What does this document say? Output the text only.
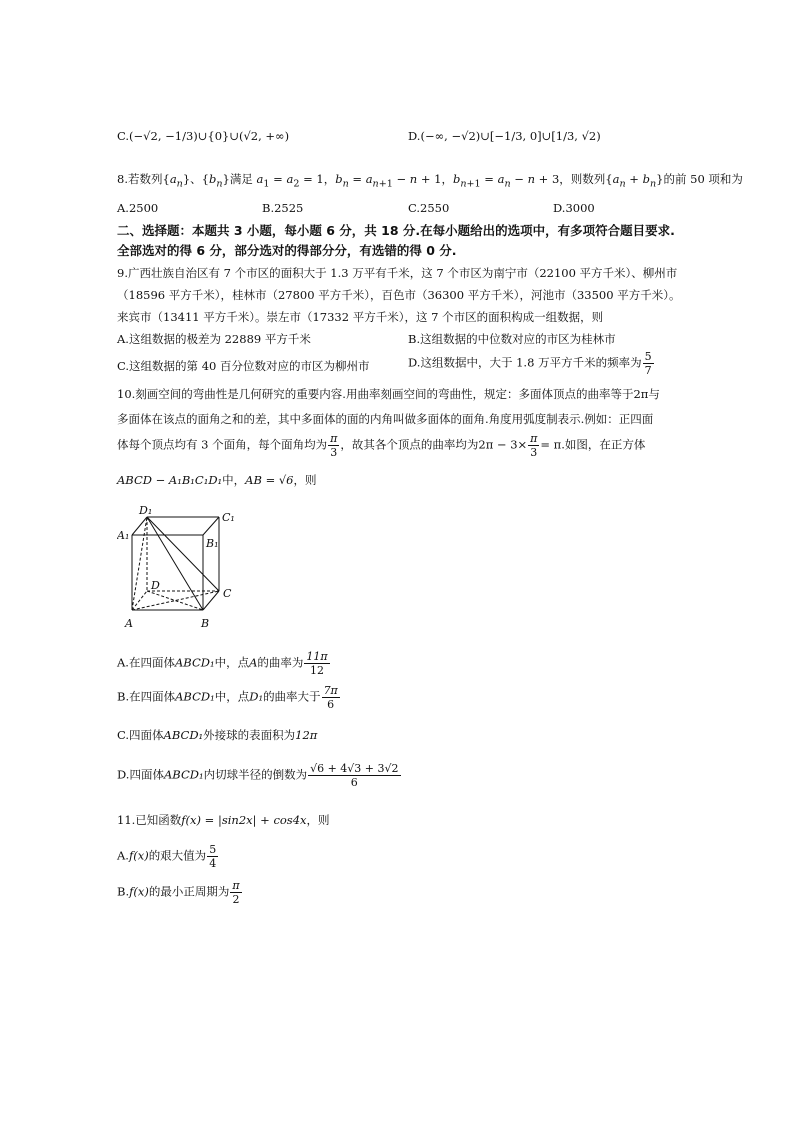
C.(−√2, −1/3)∪{0}∪(√2, +∞)	D.(−∞, −√2)∪[−1/3, 0]∪[1/3, √2)
8.若数列$\{a_n\}$、$\{b_n\}$满足 $a_1 = a_2 = 1$，$b_n = a_{n+1} - n + 1$，$b_{n+1} = a_n - n + 3$，则数列$\{a_n + b_n\}$的前 50 项和为
A.2500	B.2525	C.2550	D.3000
二、选择题：本题共 3 小题，每小题 6 分，共 18 分.在每小题给出的选项中，有多项符合题目要求.全部选对的得 6 分，部分选对的得部分分，有选错的得 0 分.
9.广西壮族自治区有 7 个市区的面积大于 1.3 万平有千米，这 7 个市区为南宁市（22100 平方千米）、柳州市
（18596 平方千米），桂林市（27800 平方千米），百色市（36300 平方千米），河池市（33500 平方千米）。
来宾市（13411 平方千米）。崇左市（17332 平方千米），这 7 个市区的面积构成一组数据，则
A.这组数据的极差为 22889 平方千米	B.这组数据的中位数对应的市区为桂林市
C.这组数据的第 40 百分位数对应的市区为柳州市	D.这组数据中，大于 1.8 万平方千米的频率为 $\frac{5}{7}$
10.刻画空间的弯曲性是几何研究的重要内容.用曲率刻画空间的弯曲性，规定：多面体顶点的曲率等于2π与
多面体在该点的面角之和的差，其中多面体的面的内角叫做多面体的面角.角度用弧度制表示.例如：正四面
体每个顶点均有 3 个面角，每个面角均为 $\frac{\pi}{3}$ ，故其各个顶点的曲率均为$2\pi - 3\times \frac{\pi}{3} = \pi$.如图，在正方体
ABCD − A₁B₁C₁D₁中，AB = √6，则
D₁
C₁
A₁
B₁
D
C
A	B
A.在四面体ABCD₁中，点A的曲率为 $\frac{11\pi}{12}$
B.在四面体ABCD₁中，点D₁的曲率大于 $\frac{7\pi}{6}$
C.四面体ABCD₁外接球的表面积为12π
D.四面体ABCD₁内切球半径的倒数为 $\frac{√6 + 4√3 + 3√2}{6}$
11.已知函数f(x) = |sin2x| + cos4x，则
A.f(x)的艰大值为 $\frac{5}{4}$
B.f(x)的最小正周期为 $\frac{\pi}{2}$
